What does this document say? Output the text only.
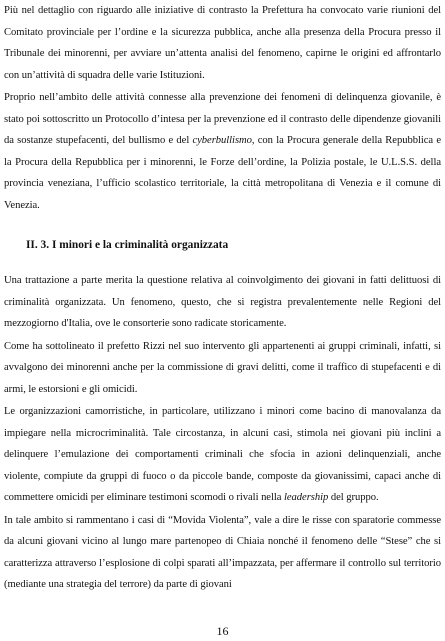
Più nel dettaglio con riguardo alle iniziative di contrasto la Prefettura ha convocato varie riunioni del Comitato provinciale per l’ordine e la sicurezza pubblica, anche alla presenza della Procura presso il Tribunale dei minorenni, per avviare un’attenta analisi del fenomeno, capirne le origini ed affrontarlo con un’attività di squadra delle varie Istituzioni.

Proprio nell’ambito delle attività connesse alla prevenzione dei fenomeni di delinquenza giovanile, è stato poi sottoscritto un Protocollo d’intesa per la prevenzione ed il contrasto delle dipendenze giovanili da sostanze stupefacenti, del bullismo e del cyberbullismo, con la Procura generale della Repubblica e la Procura della Repubblica per i minorenni, le Forze dell’ordine, la Polizia postale, le U.L.S.S. della provincia veneziana, l’ufficio scolastico territoriale, la città metropolitana di Venezia e il comune di Venezia.

II. 3. I minori e la criminalità organizzata

Una trattazione a parte merita la questione relativa al coinvolgimento dei giovani in fatti delittuosi di criminalità organizzata. Un fenomeno, questo, che si registra prevalentemente nelle Regioni del mezzogiorno d'Italia, ove le consorterie sono radicate storicamente.

Come ha sottolineato il prefetto Rizzi nel suo intervento gli appartenenti ai gruppi criminali, infatti, si avvalgono dei minorenni anche per la commissione di gravi delitti, come il traffico di stupefacenti e di armi, le estorsioni e gli omicidi.

Le organizzazioni camorristiche, in particolare, utilizzano i minori come bacino di manovalanza da impiegare nella microcriminalità. Tale circostanza, in alcuni casi, stimola nei giovani più inclini a delinquere l’emulazione dei comportamenti criminali che sfocia in azioni delinquenziali, anche violente, compiute da gruppi di fuoco o da piccole bande, composte da giovanissimi, capaci anche di commettere omicidi per eliminare testimoni scomodi o rivali nella leadership del gruppo.

In tale ambito si rammentano i casi di “Movida Violenta”, vale a dire le risse con sparatorie commesse da alcuni giovani vicino al lungo mare partenopeo di Chiaia nonché il fenomeno delle “Stese” che si caratterizza attraverso l’esplosione di colpi sparati all’impazzata, per affermare il controllo sul territorio (mediante una strategia del terrore) da parte di giovani

16
